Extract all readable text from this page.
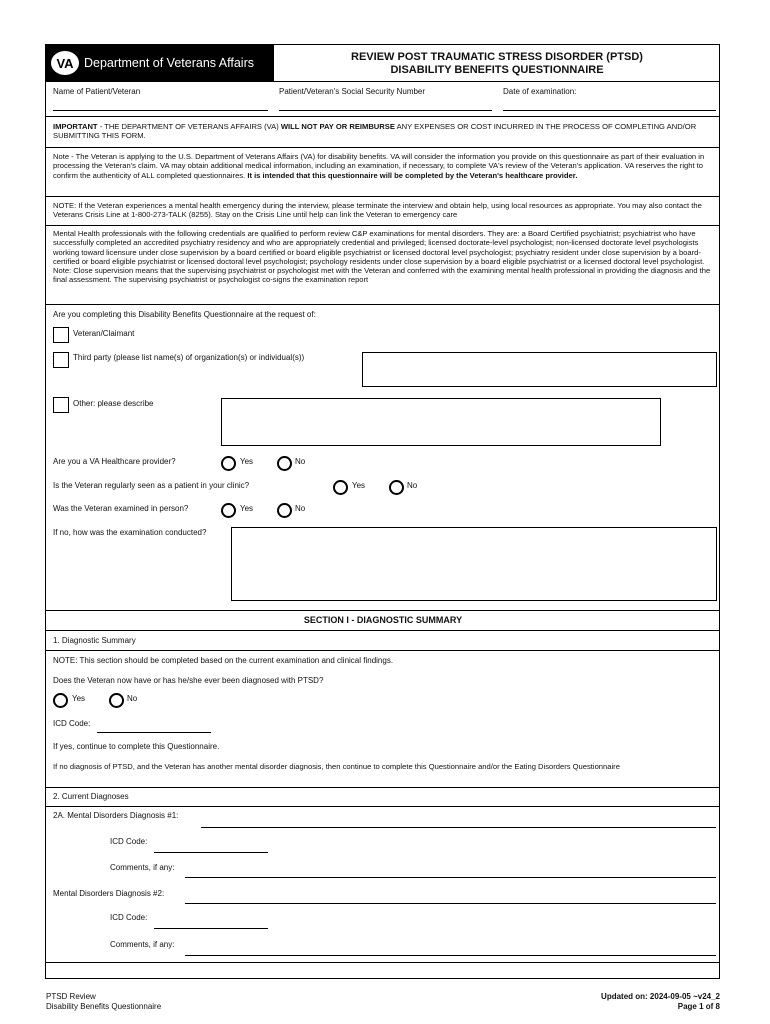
VA Department of Veterans Affairs	REVIEW POST TRAUMATIC STRESS DISORDER (PTSD)
DISABILITY BENEFITS QUESTIONNAIRE
Name of Patient/Veteran	Patient/Veteran's Social Security Number	Date of examination:
IMPORTANT - THE DEPARTMENT OF VETERANS AFFAIRS (VA) WILL NOT PAY OR REIMBURSE ANY EXPENSES OR COST INCURRED IN THE PROCESS OF COMPLETING AND/OR SUBMITTING THIS FORM.
Note - The Veteran is applying to the U.S. Department of Veterans Affairs (VA) for disability benefits. VA will consider the information you provide on this questionnaire as part of their evaluation in processing the Veteran's claim. VA may obtain additional medical information, including an examination, if necessary, to complete VA's review of the Veteran's application. VA reserves the right to confirm the authenticity of ALL completed questionnaires. It is intended that this questionnaire will be completed by the Veteran's healthcare provider.
NOTE: If the Veteran experiences a mental health emergency during the interview, please terminate the interview and obtain help, using local resources as appropriate. You may also contact the Veterans Crisis Line at 1-800-273-TALK (8255). Stay on the Crisis Line until help can link the Veteran to emergency care
Mental Health professionals with the following credentials are qualified to perform review C&P examinations for mental disorders. They are: a Board Certified psychiatrist; psychiatrist who have successfully completed an accredited psychiatry residency and who are appropriately credential and privileged; licensed doctorate-level psychologist; non-licensed doctorate level psychologists working toward licensure under close supervision by a board certified or board eligible psychiatrist or licensed doctoral level psychologist; psychiatry resident under close supervision by a board-certified or board eligible psychiatrist or licensed doctoral level psychologist; psychology residents under close supervision by a board eligible psychiatrist or a licensed doctoral level psychologist. Note: Close supervision means that the supervising psychiatrist or psychologist met with the Veteran and conferred with the examining mental health professional in providing the diagnosis and the final assessment. The supervising psychiatrist or psychologist co-signs the examination report
Are you completing this Disability Benefits Questionnaire at the request of:
Veteran/Claimant
Third party (please list name(s) of organization(s) or individual(s))
Other: please describe
Are you a VA Healthcare provider?	Yes	No
Is the Veteran regularly seen as a patient in your clinic?	Yes	No
Was the Veteran examined in person?	Yes	No
If no, how was the examination conducted?
SECTION I - DIAGNOSTIC SUMMARY
1. Diagnostic Summary
NOTE: This section should be completed based on the current examination and clinical findings.
Does the Veteran now have or has he/she ever been diagnosed with PTSD?
Yes	No
ICD Code:
If yes, continue to complete this Questionnaire.
If no diagnosis of PTSD, and the Veteran has another mental disorder diagnosis, then continue to complete this Questionnaire and/or the Eating Disorders Questionnaire
2. Current Diagnoses
2A. Mental Disorders Diagnosis #1:
ICD Code:
Comments, if any:
Mental Disorders Diagnosis #2:
ICD Code:
Comments, if any:
PTSD Review
Disability Benefits Questionnaire
Updated on: 2024-09-05 ~v24_2
Page 1 of 8
